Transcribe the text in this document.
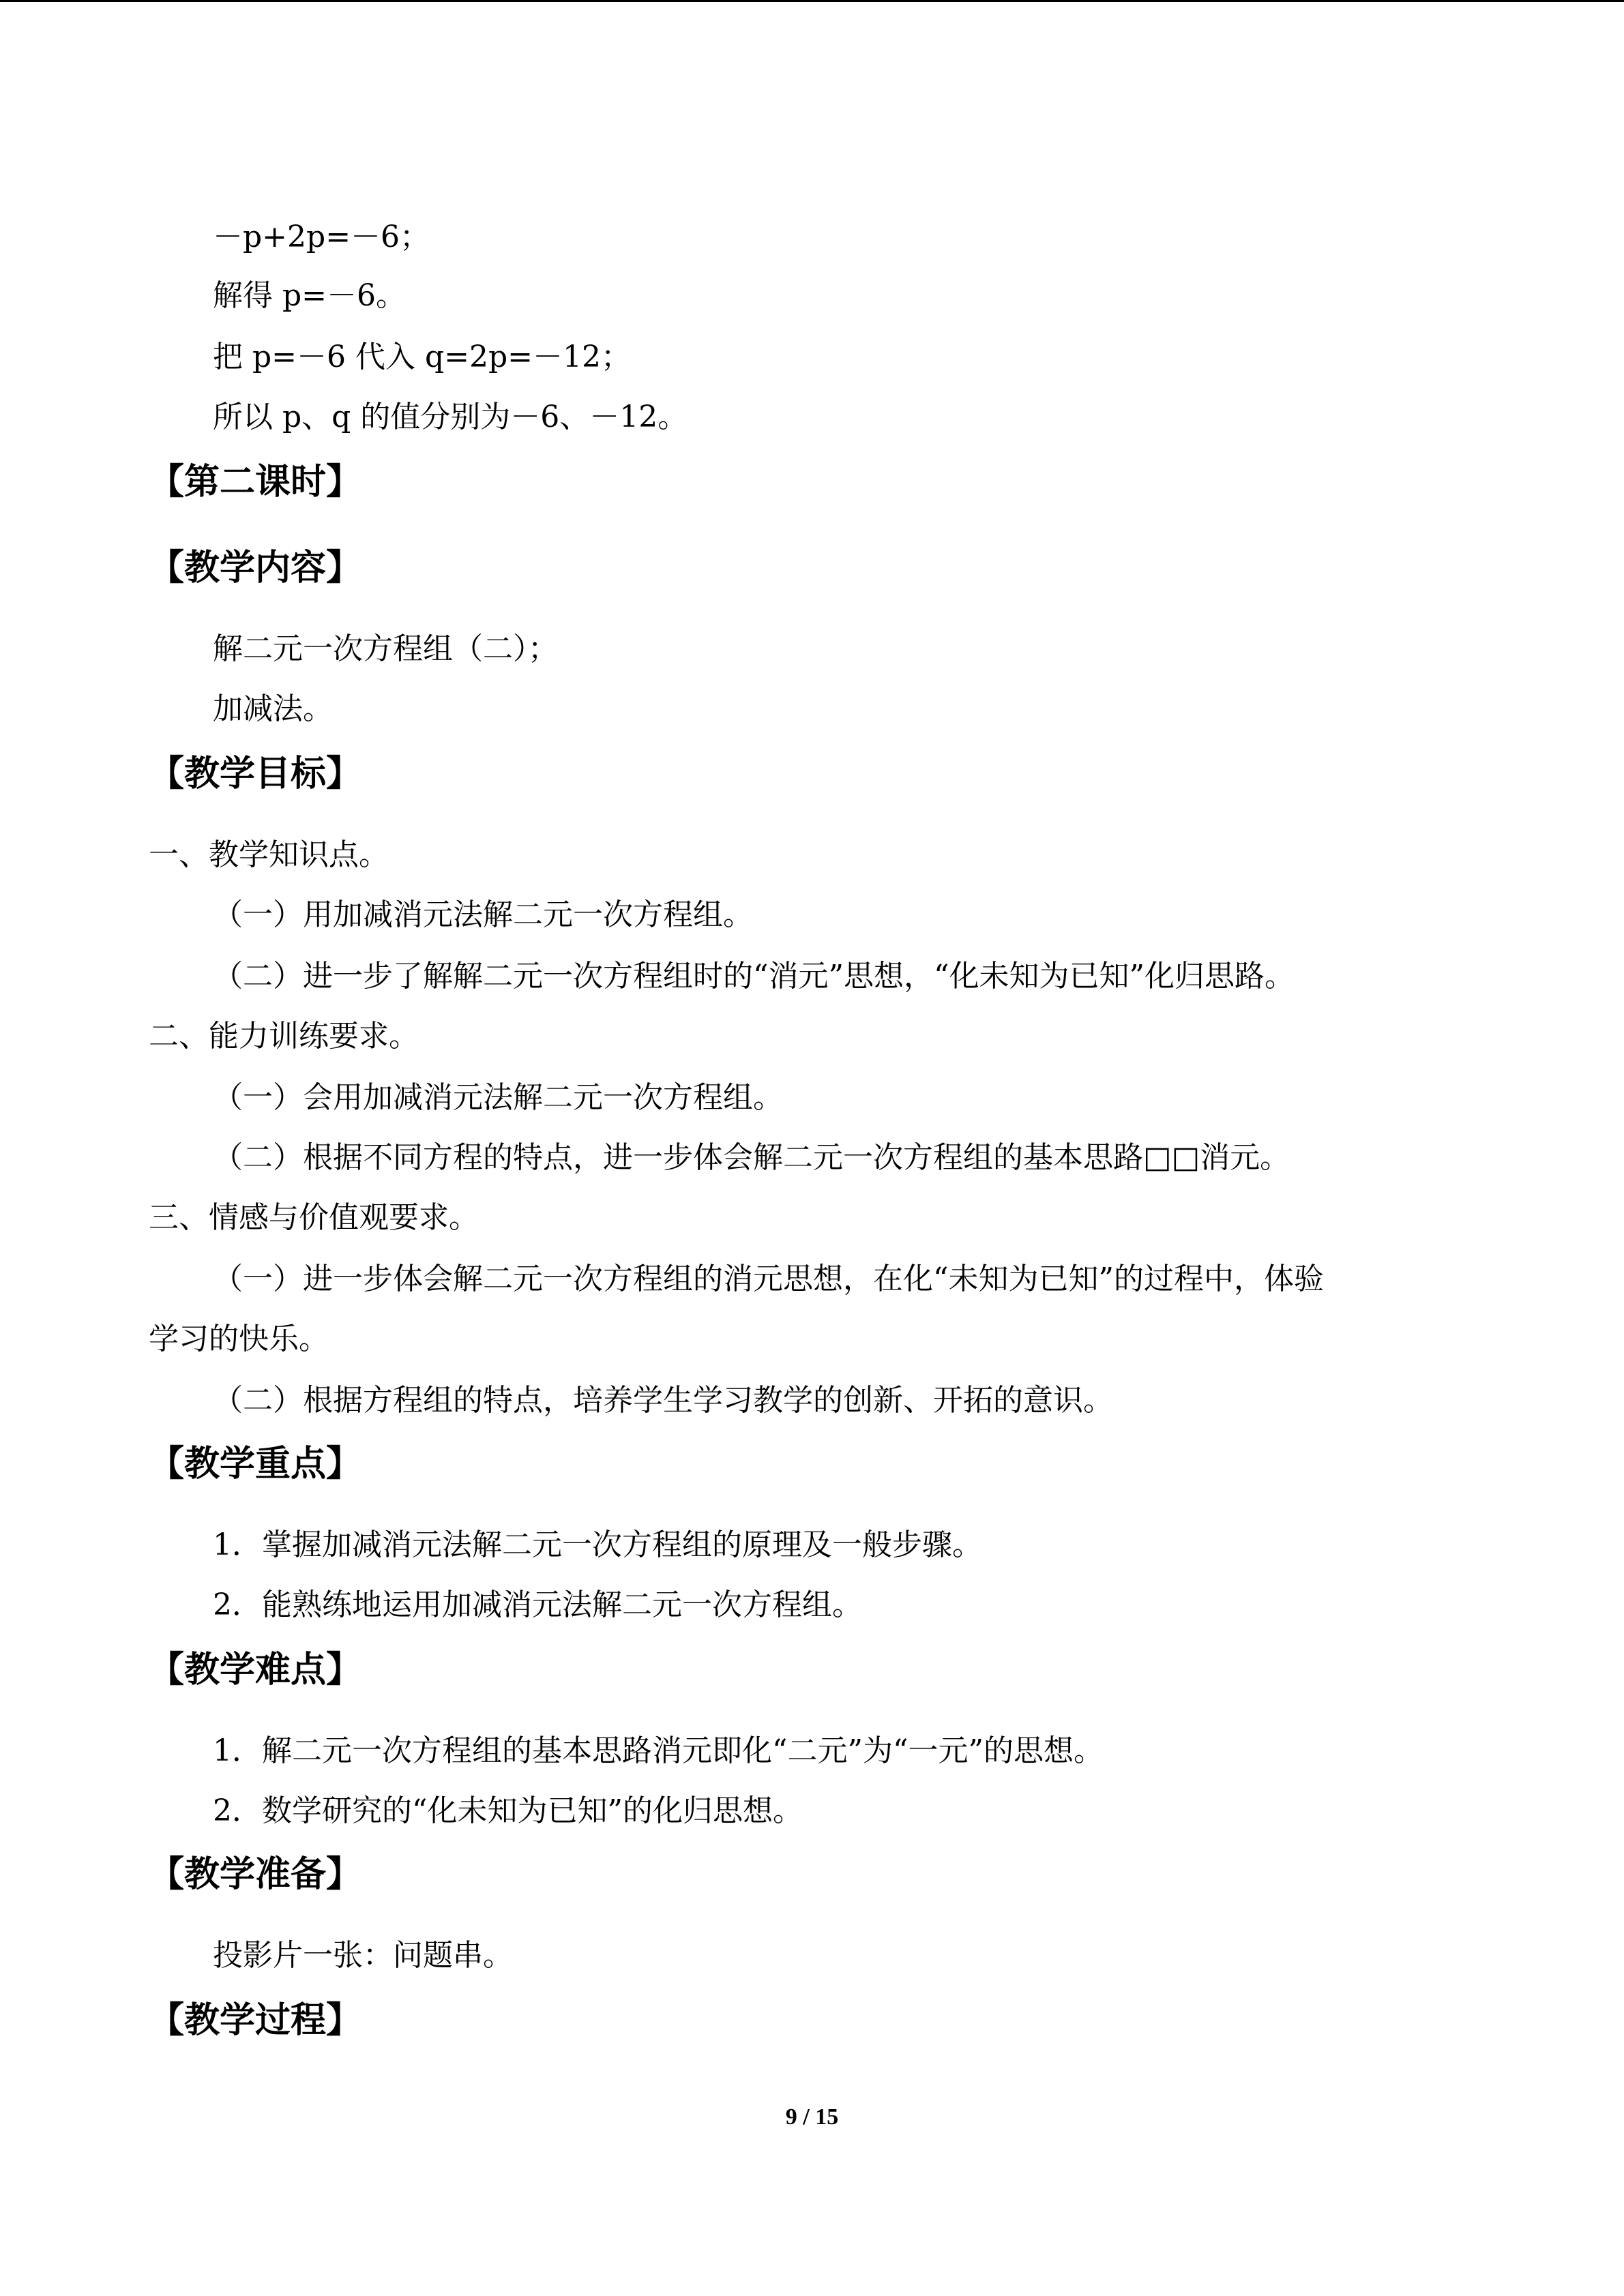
－p+2p=－6；
解得 p=－6。
把 p=－6 代入 q=2p=－12；
所以 p、q 的值分别为－6、－12。
【第二课时】
【教学内容】
解二元一次方程组（二）；
加减法。
【教学目标】
一、教学知识点。
（一）用加减消元法解二元一次方程组。
（二）进一步了解解二元一次方程组时的“消元”思想，“化未知为已知”化归思路。
二、能力训练要求。
（一）会用加减消元法解二元一次方程组。
（二）根据不同方程的特点，进一步体会解二元一次方程组的基本思路□□消元。
三、情感与价值观要求。
（一）进一步体会解二元一次方程组的消元思想，在化“未知为已知”的过程中，体验
学习的快乐。
（二）根据方程组的特点，培养学生学习教学的创新、开拓的意识。
【教学重点】
1．掌握加减消元法解二元一次方程组的原理及一般步骤。
2．能熟练地运用加减消元法解二元一次方程组。
【教学难点】
1．解二元一次方程组的基本思路消元即化“二元”为“一元”的思想。
2．数学研究的“化未知为已知”的化归思想。
【教学准备】
投影片一张：问题串。
【教学过程】
9 / 15
